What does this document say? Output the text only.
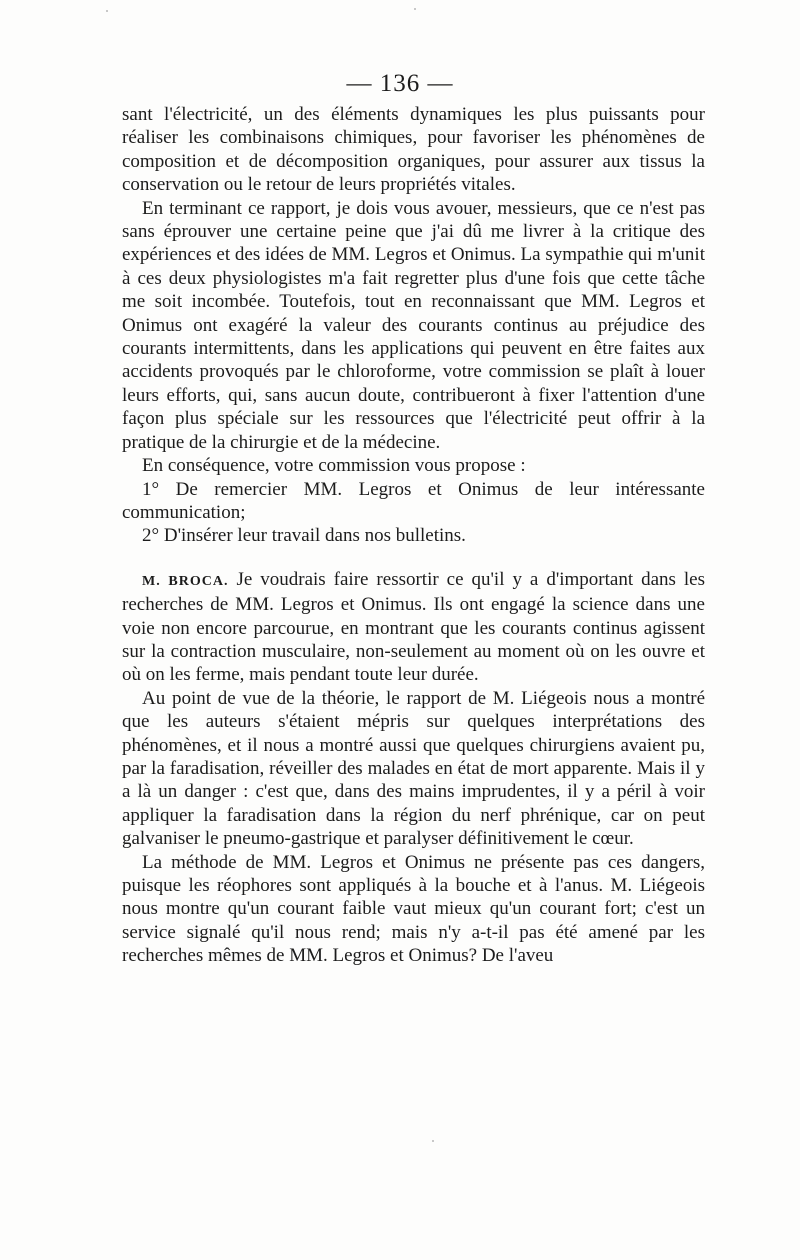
— 136 —

sant l'électricité, un des éléments dynamiques les plus puissants pour réaliser les combinaisons chimiques, pour favoriser les phénomènes de composition et de décomposition organiques, pour assurer aux tissus la conservation ou le retour de leurs propriétés vitales.

En terminant ce rapport, je dois vous avouer, messieurs, que ce n'est pas sans éprouver une certaine peine que j'ai dû me livrer à la critique des expériences et des idées de MM. Legros et Onimus. La sympathie qui m'unit à ces deux physiologistes m'a fait regretter plus d'une fois que cette tâche me soit incombée. Toutefois, tout en reconnaissant que MM. Legros et Onimus ont exagéré la valeur des courants continus au préjudice des courants intermittents, dans les applications qui peuvent en être faites aux accidents provoqués par le chloroforme, votre commission se plaît à louer leurs efforts, qui, sans aucun doute, contribueront à fixer l'attention d'une façon plus spéciale sur les ressources que l'électricité peut offrir à la pratique de la chirurgie et de la médecine.

En conséquence, votre commission vous propose :

1° De remercier MM. Legros et Onimus de leur intéressante communication;

2° D'insérer leur travail dans nos bulletins.

M. BROCA. Je voudrais faire ressortir ce qu'il y a d'important dans les recherches de MM. Legros et Onimus. Ils ont engagé la science dans une voie non encore parcourue, en montrant que les courants continus agissent sur la contraction musculaire, non-seulement au moment où on les ouvre et où on les ferme, mais pendant toute leur durée.

Au point de vue de la théorie, le rapport de M. Liégeois nous a montré que les auteurs s'étaient mépris sur quelques interprétations des phénomènes, et il nous a montré aussi que quelques chirurgiens avaient pu, par la faradisation, réveiller des malades en état de mort apparente. Mais il y a là un danger : c'est que, dans des mains imprudentes, il y a péril à voir appliquer la faradisation dans la région du nerf phrénique, car on peut galvaniser le pneumo-gastrique et paralyser définitivement le cœur.

La méthode de MM. Legros et Onimus ne présente pas ces dangers, puisque les réophores sont appliqués à la bouche et à l'anus. M. Liégeois nous montre qu'un courant faible vaut mieux qu'un courant fort; c'est un service signalé qu'il nous rend; mais n'y a-t-il pas été amené par les recherches mêmes de MM. Legros et Onimus? De l'aveu
